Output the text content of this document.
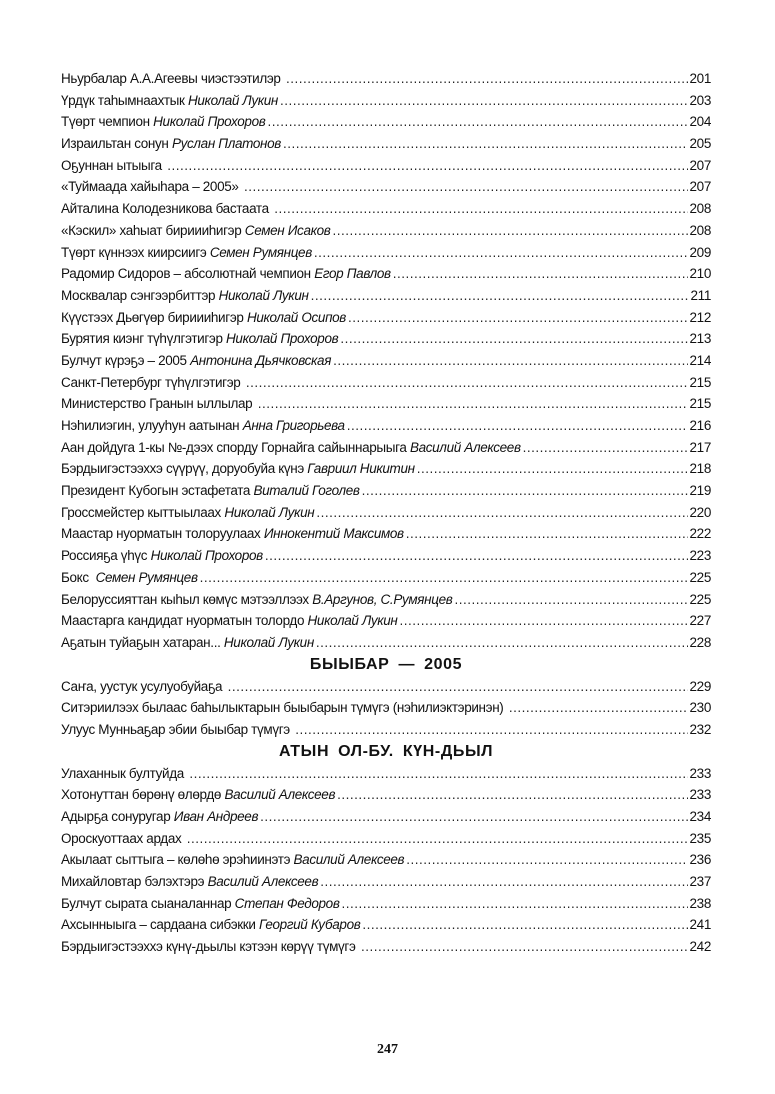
Ньурбалар А.А.Агеевы чиэстээтилэр .....	201
Үрдүк таһымнаахтык Николай Лукин .....	203
Түөрт чемпион Николай Прохоров .....	204
Израильтан сонун Руслан Платонов .....	205
Оҕуннан ытыыга .....	207
«Туймаада хайыһара – 2005» .....	207
Айталина Колодезникова бастаата .....	208
«Кэскил» хаһыат бириииһигэр Семен Исаков .....	208
Түөрт күннээх киирсиигэ Семен Румянцев .....	209
Радомир Сидоров – абсолютнай чемпион Егор Павлов .....	210
Москвалар сэнгээрбиттэр Николай Лукин .....	211
Күүстээх Дьөгүөр бириииһигэр Николай Осипов .....	212
Бурятия киэнг түһүлгэтигэр Николай Прохоров .....	213
Булчут күрэҕэ – 2005 Антонина Дьячковская .....	214
Санкт-Петербург түһүлгэтигэр .....	215
Министерство Гранын ыллылар .....	215
Нэһилиэгин, улууһун аатынан Анна Григорьева .....	216
Аан дойдуга 1-кы №-дээх спорду Горнайга сайыннарыыга Василий Алексеев .....	217
Бэрдыигэстээххэ сүүрүү, доруобуйа күнэ Гавриил Никитин .....	218
Президент Кубогын эстафетата Виталий Гоголев .....	219
Гроссмейстер кыттыылаах Николай Лукин .....	220
Маастар нуорматын толоруулаах Иннокентий Максимов .....	222
Россияҕа үһүс Николай Прохоров .....	223
Бокс  Семен Румянцев .....	225
Белоруссияттан кыһыл көмүс мэтээллээх В.Аргунов, С.Румянцев .....	225
Маастарга кандидат нуорматын толордо Николай Лукин .....	227
Аҕатын туйаҕын хатаран... Николай Лукин .....	228
БЫЫБАР — 2005
Саҥа, уустук усулуобуйаҕа .....	229
Ситэриилээх былаас баһылыктарын быыбарын түмүгэ (нэһилиэктэринэн) .....	230
Улуус Мунньаҕар эбии быыбар түмүгэ .....	232
АТЫН ОЛ-БУ. КҮН-ДЬЫЛ
Улаханнык бултуйда .....	233
Хотонуттан бөрөнү өлөрдө Василий Алексеев .....	233
Адырҕа сонуругар Иван Андреев .....	234
Ороскуоттаах ардах .....	235
Акылаат сыттыга – көлөһө эрэһиинэтэ Василий Алексеев .....	236
Михайловтар бэлэхтэрэ Василий Алексеев .....	237
Булчут сырата сыаналаннар Степан Федоров .....	238
Ахсынныыга – сардаана сибэкки Георгий Кубаров .....	241
Бэрдыигэстээххэ күнү-дьылы кэтээн көрүү түмүгэ .....	242
247
